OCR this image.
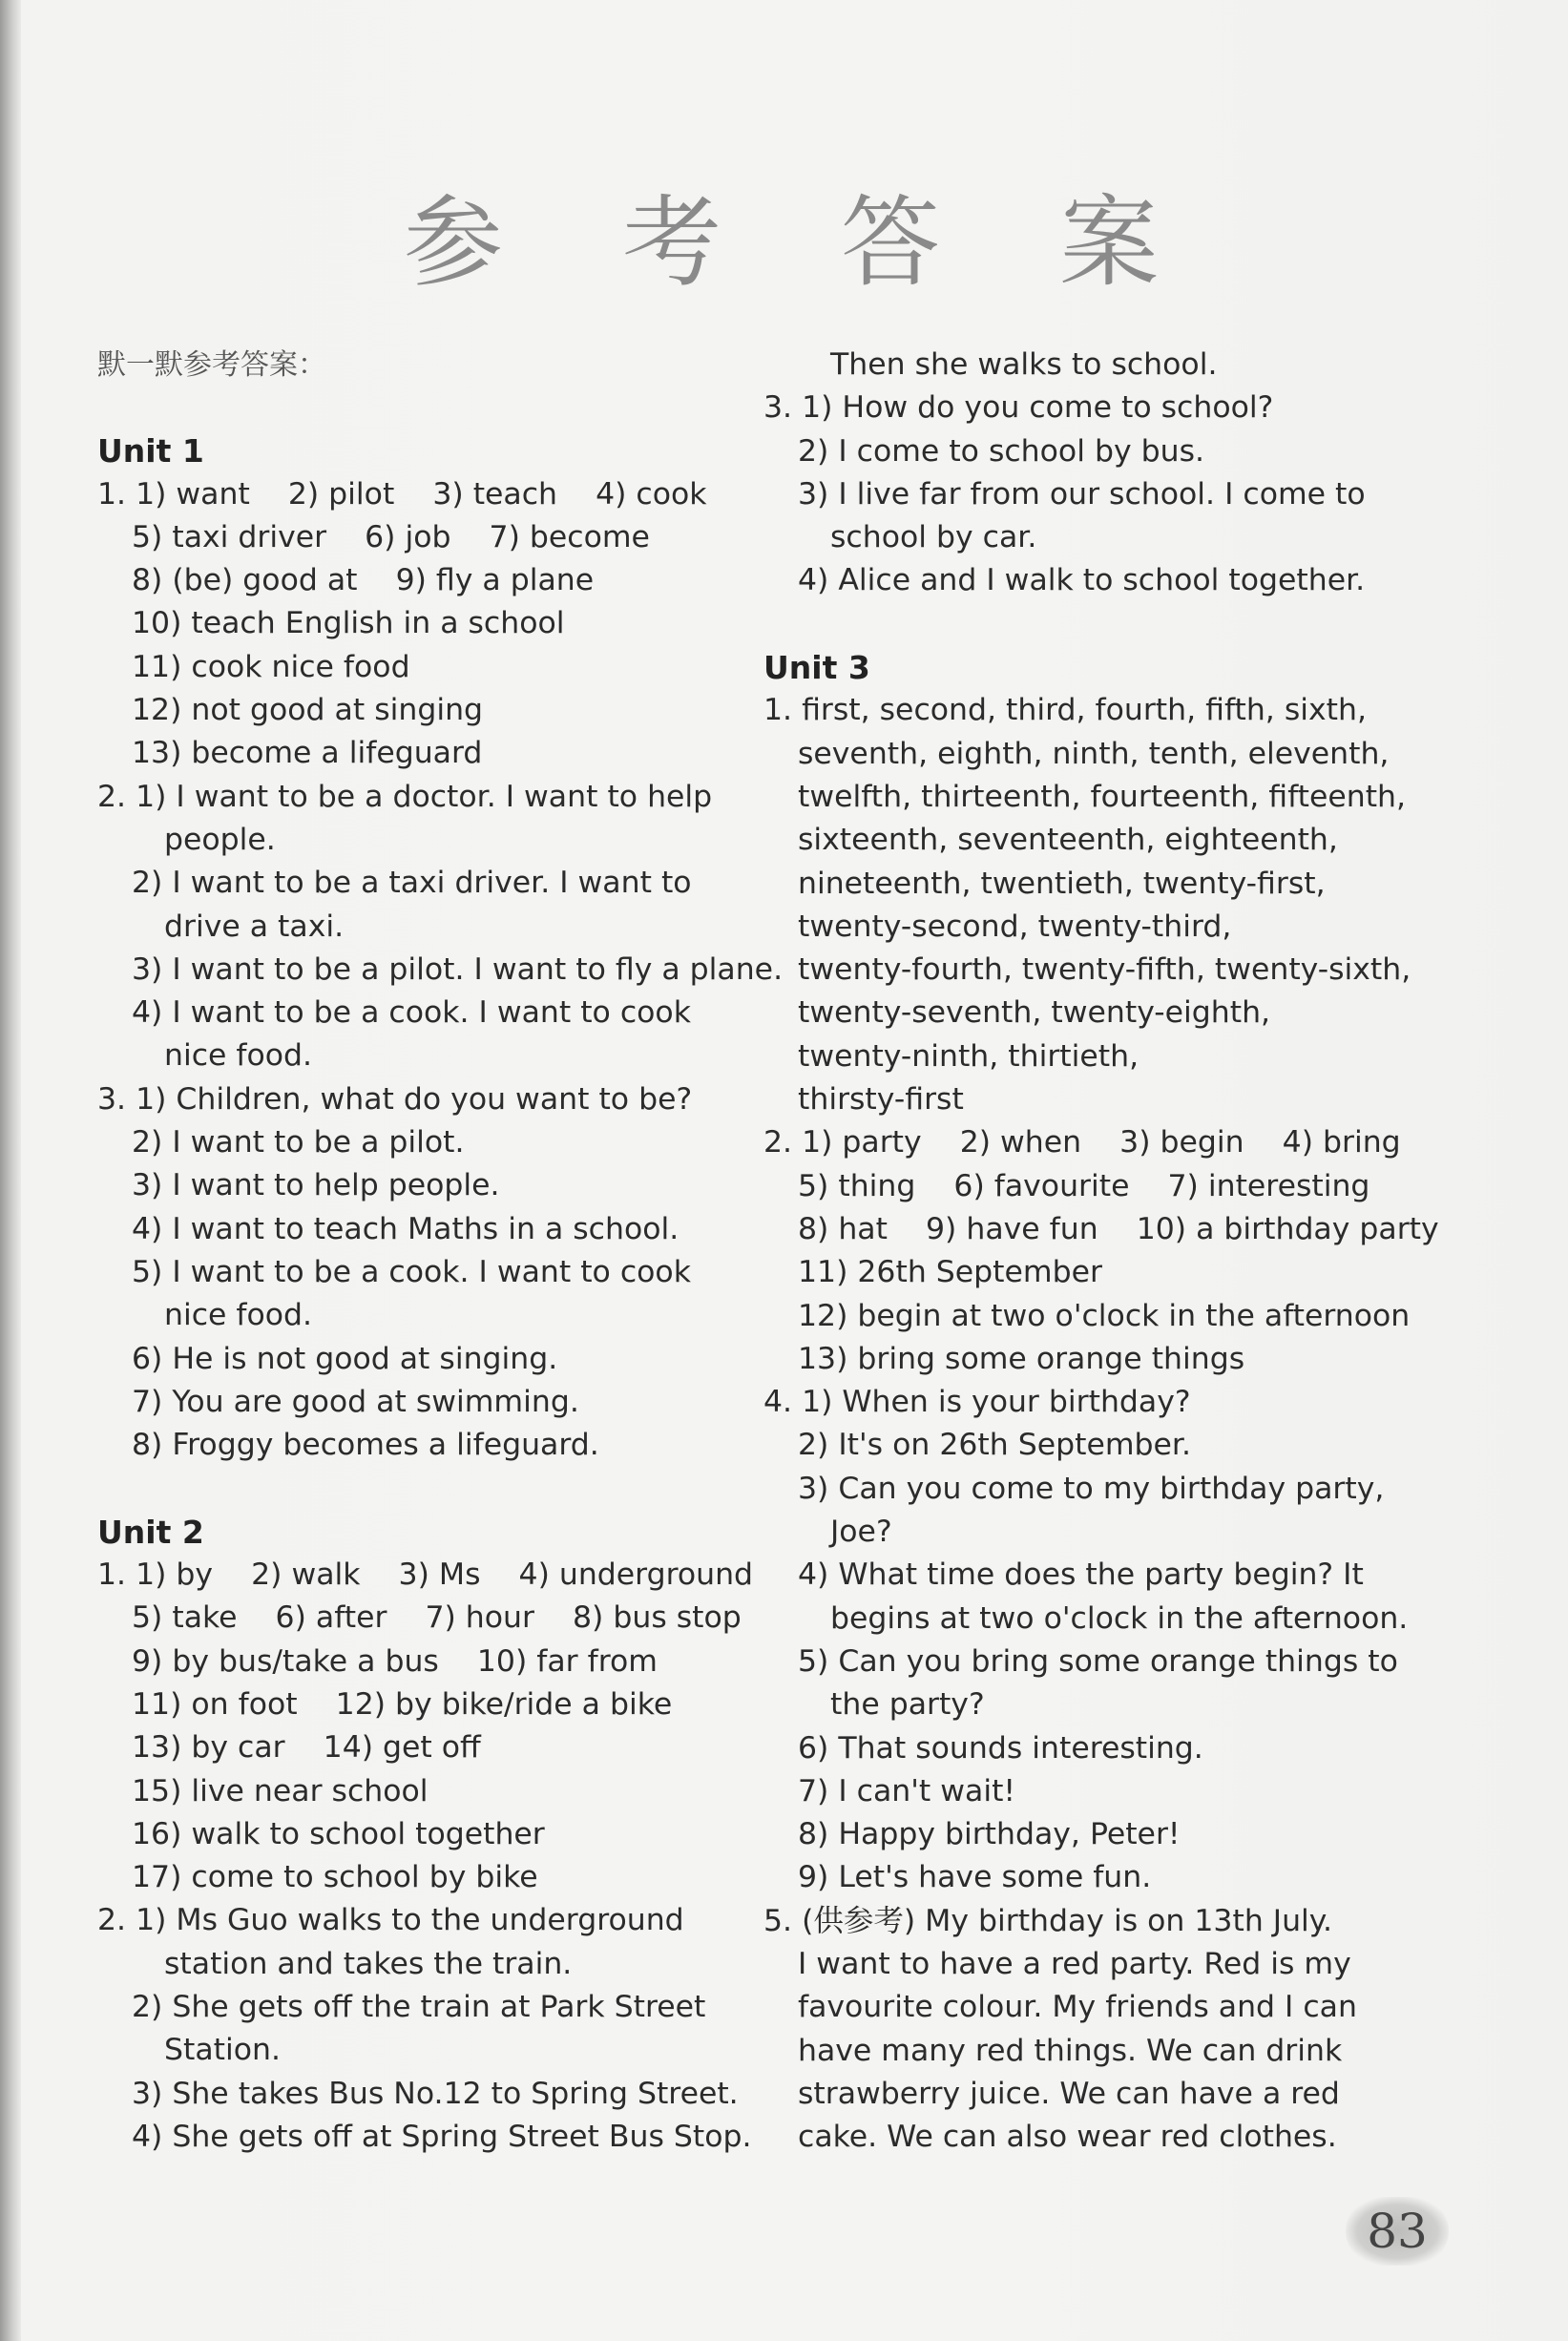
参 考 答 案
默一默参考答案：
Unit 1
1. 1) want    2) pilot    3) teach    4) cook
5) taxi driver    6) job    7) become
8) (be) good at    9) fly a plane
10) teach English in a school
11) cook nice food
12) not good at singing
13) become a lifeguard
2. 1) I want to be a doctor. I want to help
people.
2) I want to be a taxi driver. I want to
drive a taxi.
3) I want to be a pilot. I want to fly a plane.
4) I want to be a cook. I want to cook
nice food.
3. 1) Children, what do you want to be?
2) I want to be a pilot.
3) I want to help people.
4) I want to teach Maths in a school.
5) I want to be a cook. I want to cook
nice food.
6) He is not good at singing.
7) You are good at swimming.
8) Froggy becomes a lifeguard.
Unit 2
1. 1) by    2) walk    3) Ms    4) underground
5) take    6) after    7) hour    8) bus stop
9) by bus/take a bus    10) far from
11) on foot    12) by bike/ride a bike
13) by car    14) get off
15) live near school
16) walk to school together
17) come to school by bike
2. 1) Ms Guo walks to the underground
station and takes the train.
2) She gets off the train at Park Street
Station.
3) She takes Bus No.12 to Spring Street.
4) She gets off at Spring Street Bus Stop.
Then she walks to school.
3. 1) How do you come to school?
2) I come to school by bus.
3) I live far from our school. I come to
school by car.
4) Alice and I walk to school together.
Unit 3
1. first, second, third, fourth, fifth, sixth,
seventh, eighth, ninth, tenth, eleventh,
twelfth, thirteenth, fourteenth, fifteenth,
sixteenth, seventeenth, eighteenth,
nineteenth, twentieth, twenty-first,
twenty-second, twenty-third,
twenty-fourth, twenty-fifth, twenty-sixth,
twenty-seventh, twenty-eighth,
twenty-ninth, thirtieth,
thirsty-first
2. 1) party    2) when    3) begin    4) bring
5) thing    6) favourite    7) interesting
8) hat    9) have fun    10) a birthday party
11) 26th September
12) begin at two o'clock in the afternoon
13) bring some orange things
4. 1) When is your birthday?
2) It's on 26th September.
3) Can you come to my birthday party,
Joe?
4) What time does the party begin? It
begins at two o'clock in the afternoon.
5) Can you bring some orange things to
the party?
6) That sounds interesting.
7) I can't wait!
8) Happy birthday, Peter!
9) Let's have some fun.
5. (供参考) My birthday is on 13th July.
I want to have a red party. Red is my
favourite colour. My friends and I can
have many red things. We can drink
strawberry juice. We can have a red
cake. We can also wear red clothes.
83
